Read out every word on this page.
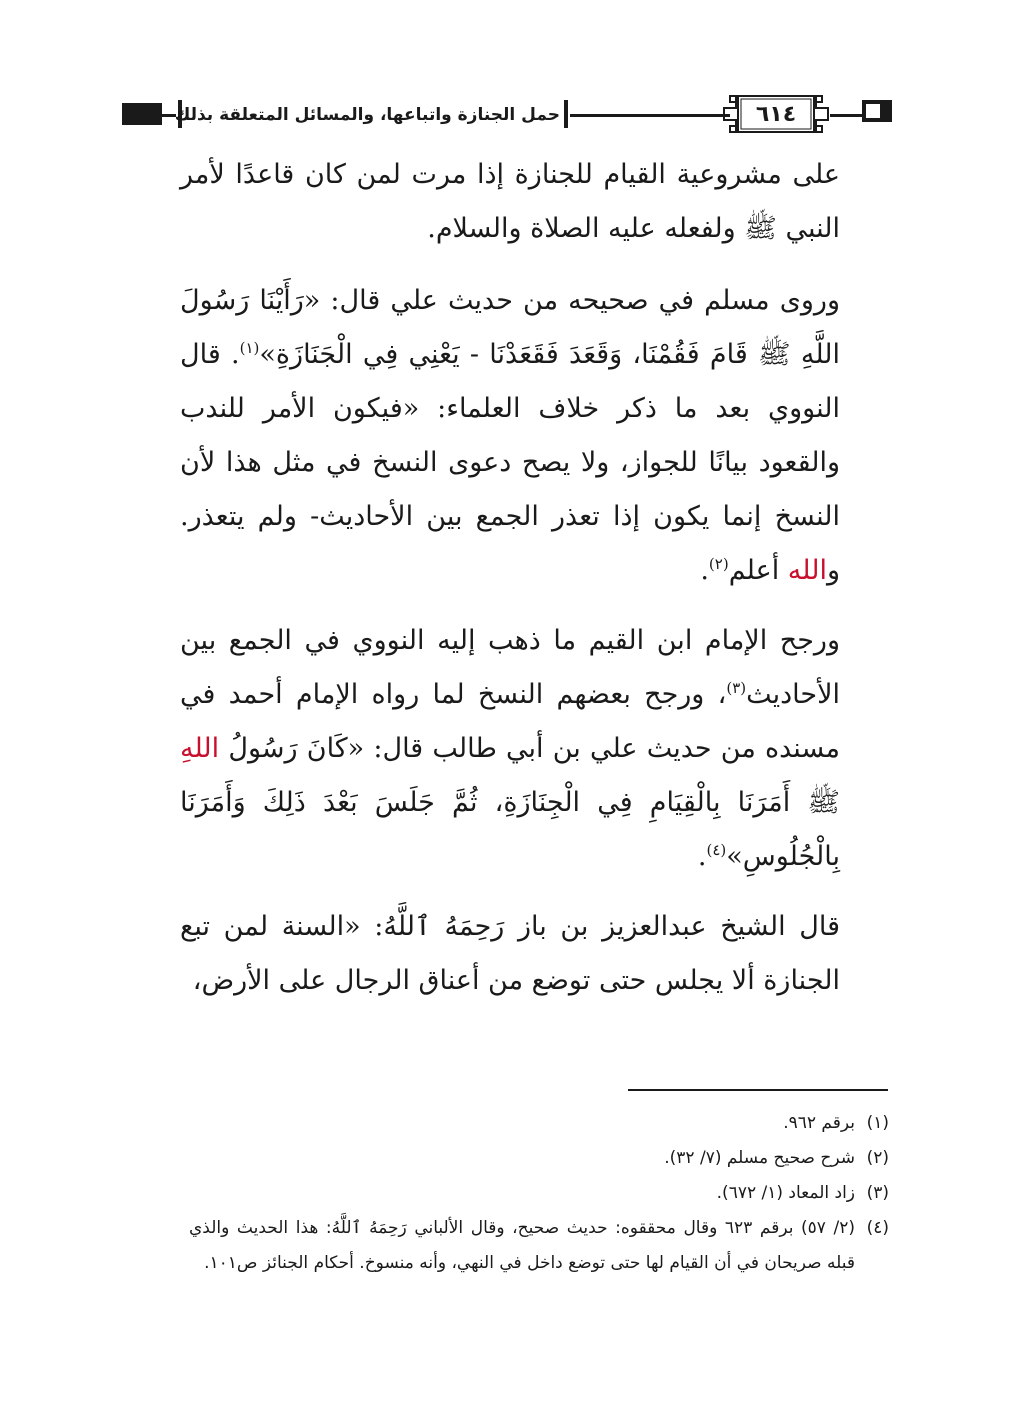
حمل الجنازة واتباعها، والمسائل المتعلقة بذلك	٦١٤

على مشروعية القيام للجنازة إذا مرت لمن كان قاعدًا لأمر النبي ﷺ ولفعله عليه الصلاة والسلام.

وروى مسلم في صحيحه من حديث علي قال: «رَأَيْنَا رَسُولَ اللَّهِ ﷺ قَامَ فَقُمْنَا، وَقَعَدَ فَقَعَدْنَا - يَعْنِي فِي الْجَنَازَةِ»$^{(١)}$. قال النووي بعد ما ذكر خلاف العلماء: «فيكون الأمر للندب والقعود بيانًا للجواز، ولا يصح دعوى النسخ في مثل هذا لأن النسخ إنما يكون إذا تعذر الجمع بين الأحاديث- ولم يتعذر. والله أعلم$^{(٢)}$.

ورجح الإمام ابن القيم ما ذهب إليه النووي في الجمع بين الأحاديث$^{(٣)}$، ورجح بعضهم النسخ لما رواه الإمام أحمد في مسنده من حديث علي بن أبي طالب قال: «كَانَ رَسُولُ اللهِ ﷺ أَمَرَنَا بِالْقِيَامِ فِي الْجِنَازَةِ، ثُمَّ جَلَسَ بَعْدَ ذَلِكَ وَأَمَرَنَا بِالْجُلُوسِ»$^{(٤)}$.

قال الشيخ عبدالعزيز بن باز رَحِمَهُ ٱللَّهُ: «السنة لمن تبع الجنازة ألا يجلس حتى توضع من أعناق الرجال على الأرض،

(١)
برقم ٩٦٢.
(٢)
شرح صحيح مسلم (٧/ ٣٢).
(٣)
زاد المعاد (١/ ٦٧٢).
(٤)
(٢/ ٥٧) برقم ٦٢٣ وقال محققوه: حديث صحيح، وقال الألباني رَحِمَهُ ٱللَّهُ: هذا الحديث والذي قبله صريحان في أن القيام لها حتى توضع داخل في النهي، وأنه منسوخ. أحكام الجنائز ص١٠١.
